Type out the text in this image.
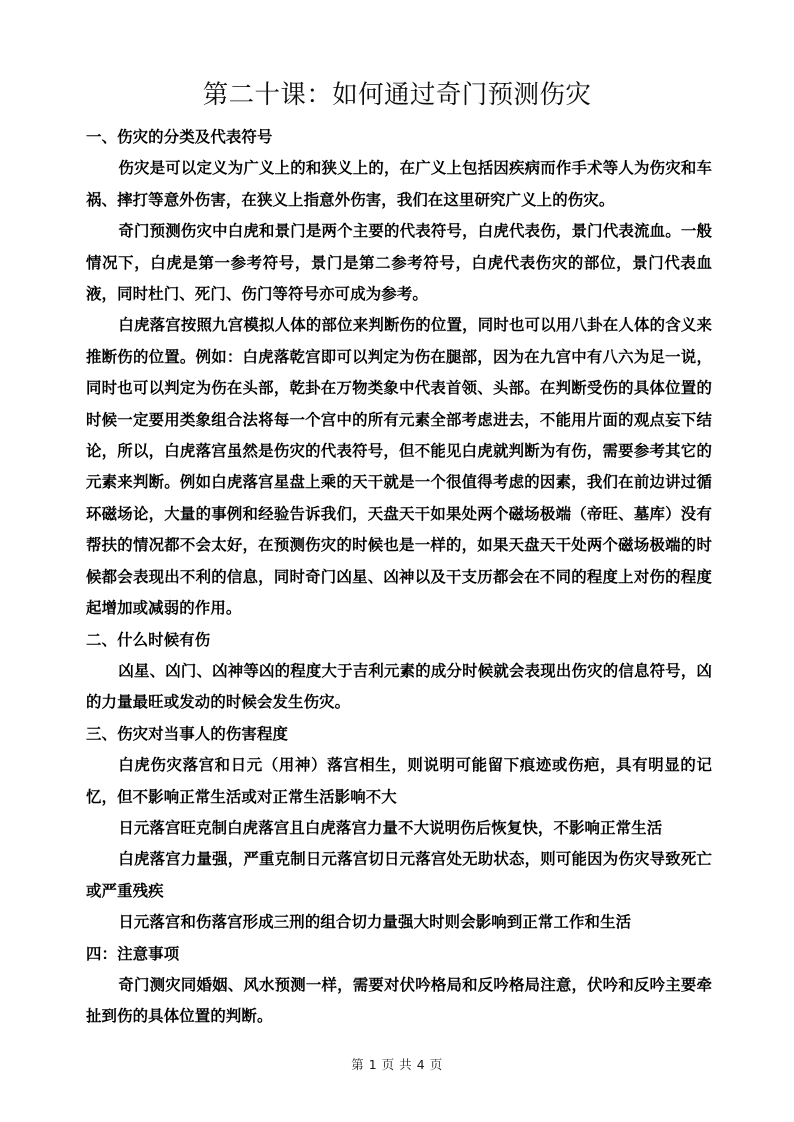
第二十课：如何通过奇门预测伤灾

一、伤灾的分类及代表符号

伤灾是可以定义为广义上的和狭义上的，在广义上包括因疾病而作手术等人为伤灾和车祸、摔打等意外伤害，在狭义上指意外伤害，我们在这里研究广义上的伤灾。

奇门预测伤灾中白虎和景门是两个主要的代表符号，白虎代表伤，景门代表流血。一般情况下，白虎是第一参考符号，景门是第二参考符号，白虎代表伤灾的部位，景门代表血液，同时杜门、死门、伤门等符号亦可成为参考。

白虎落宫按照九宫模拟人体的部位来判断伤的位置，同时也可以用八卦在人体的含义来推断伤的位置。例如：白虎落乾宫即可以判定为伤在腿部，因为在九宫中有八六为足一说，同时也可以判定为伤在头部，乾卦在万物类象中代表首领、头部。在判断受伤的具体位置的时候一定要用类象组合法将每一个宫中的所有元素全部考虑进去，不能用片面的观点妄下结论，所以，白虎落宫虽然是伤灾的代表符号，但不能见白虎就判断为有伤，需要参考其它的元素来判断。例如白虎落宫星盘上乘的天干就是一个很值得考虑的因素，我们在前边讲过循环磁场论，大量的事例和经验告诉我们，天盘天干如果处两个磁场极端（帝旺、墓库）没有帮扶的情况都不会太好，在预测伤灾的时候也是一样的，如果天盘天干处两个磁场极端的时候都会表现出不利的信息，同时奇门凶星、凶神以及干支历都会在不同的程度上对伤的程度起增加或减弱的作用。

二、什么时候有伤

凶星、凶门、凶神等凶的程度大于吉利元素的成分时候就会表现出伤灾的信息符号，凶的力量最旺或发动的时候会发生伤灾。

三、伤灾对当事人的伤害程度

白虎伤灾落宫和日元（用神）落宫相生，则说明可能留下痕迹或伤疤，具有明显的记忆，但不影响正常生活或对正常生活影响不大

日元落宫旺克制白虎落宫且白虎落宫力量不大说明伤后恢复快，不影响正常生活

白虎落宫力量强，严重克制日元落宫切日元落宫处无助状态，则可能因为伤灾导致死亡或严重残疾

日元落宫和伤落宫形成三刑的组合切力量强大时则会影响到正常工作和生活

四：注意事项

奇门测灾同婚姻、风水预测一样，需要对伏吟格局和反吟格局注意，伏吟和反吟主要牵扯到伤的具体位置的判断。

第 1 页 共 4 页
